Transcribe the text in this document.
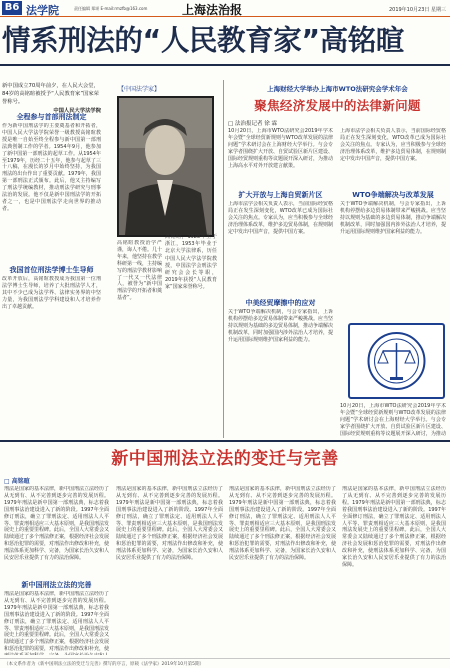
B6 法学院	责任编辑 郑颂 E-mail:rmzfb@163.com	上海法治报	2019年10月23日 星期三
情系刑法的“人民教育家”高铭暄

新中国成立70周年前夕，在人民大会堂，84岁的高铭暄被授予“人民教育家”国家荣誉称号。

中国人民大学法学院

全程参与首部刑法制定
作为新中国刑法学的主要奠基者和开拓者，中国人民大学法学院荣誉一级教授高铭暄教授是唯一自始至终全程参与新中国第一部刑法典创制工作的学者。1954年9月，他参加了新中国第一部刑法的起草工作。从1954年至1979年，历经二十五年，他参与起草了三十八稿，在漫长的岁月中始终坚持，为我国刑法的出台作出了重要贡献。1979年，我国第一部刑法正式颁布。此后，他又主持编写了刑法学统编教材，推动刑法学研究与刑事法治的发展。他不仅是新中国刑法学的开拓者之一，也是中国刑法学走向世界的推动者。
我国首位刑法学博士生导师
改革开放后，高铭暄教授成为我国第一位刑法学博士生导师，培养了大批刑法学人才，其中不少已成为法学界、法律实务界的中坚力量，为我国刑法学学科建设和人才培养作出了卓越贡献。
【中国法学家】
高铭暄教授治学严谨，诲人不倦。几十年来，他坚持在教学科研第一线，主持编写的刑法学教材影响了一代又一代法律人，被誉为“新中国刑法学的开拓者和奠基者”。
高铭暄，1928年生于浙江，1953年毕业于北京大学法律系，历任中国人民大学法学院教授，中国法学会刑法学研究会会长等职，2019年获授“人民教育家”国家荣誉称号。
上海财经大学举办上海市WTO法研究会学术年会
聚焦经济发展中的法律新问题
□ 法治报记者 徐 霖
10月20日，上海市WTO法研究会2019年学术年会暨“全球经贸新规则与WTO改革发展的法律问题”学术研讨会在上海财经大学举行。与会专家学者围绕扩大开放、自贸试验区新片区建设、国际经贸规则重构等议题展开深入研讨，为推动上海高水平对外开放建言献策。
扩大开放与上海自贸新片区
上海市法学会相关负责人表示，当前国际经贸格局正在发生深刻变化，WTO改革已成为国际社会关注的焦点。专家认为，应当积极参与全球经济治理体系改革，维护多边贸易体制，在规则制定中发出中国声音，提供中国方案。
中美经贸摩擦中的应对
关于WTO争端解决机制，与会专家指出，上诉机构停摆给多边贸易体制带来严峻挑战。应当坚持以规则为基础的多边贸易体制，推动争端解决机制改革，同时加强国内涉外法治人才培养，提升运用国际规则维护国家利益的能力。
上海市法学会相关负责人表示，当前国际经贸格局正在发生深刻变化，WTO改革已成为国际社会关注的焦点。专家认为，应当积极参与全球经济治理体系改革，维护多边贸易体制，在规则制定中发出中国声音，提供中国方案。
WTO争端解决与改革发展
关于WTO争端解决机制，与会专家指出，上诉机构停摆给多边贸易体制带来严峻挑战。应当坚持以规则为基础的多边贸易体制，推动争端解决机制改革，同时加强国内涉外法治人才培养，提升运用国际规则维护国家利益的能力。
10月20日，上海市WTO法研究会2019年学术年会暨“全球经贸新规则与WTO改革发展的法律问题”学术研讨会在上海财经大学举行。与会专家学者围绕扩大开放、自贸试验区新片区建设、国际经贸规则重构等议题展开深入研讨，为推动
新中国刑法立法的变迁与完善
□ 高铭暄
刑法是国家的基本法律，新中国刑法立法经历了从无到有、从不完善到逐步完善的发展历程。1979年刑法是新中国第一部刑法典，标志着我国刑事法治建设进入了新的阶段。1997年全面修订刑法，确立了罪刑法定、适用刑法人人平等、罪责刑相适应三大基本原则，是我国刑法发展史上的重要里程碑。此后，全国人大常委会又陆续通过了多个刑法修正案，根据经济社会发展和惩治犯罪的需要，对刑法作出修改和补充，使刑法体系更加科学、完备，为国家长治久安和人民安居乐业提供了有力的法治保障。
新中国刑法立法的完善
刑法是国家的基本法律，新中国刑法立法经历了从无到有、从不完善到逐步完善的发展历程。1979年刑法是新中国第一部刑法典，标志着我国刑事法治建设进入了新的阶段。1997年全面修订刑法，确立了罪刑法定、适用刑法人人平等、罪责刑相适应三大基本原则，是我国刑法发展史上的重要里程碑。此后，全国人大常委会又陆续通过了多个刑法修正案，根据经济社会发展和惩治犯罪的需要，对刑法作出修改和补充，使
刑法是国家的基本法律，新中国刑法立法经历了从无到有、从不完善到逐步完善的发展历程。1979年刑法是新中国第一部刑法典，标志着我国刑事法治建设进入了新的阶段。1997年全面修订刑法，确立了罪刑法定、适用刑法人人平等、罪责刑相适应三大基本原则，是我国刑法发展史上的重要里程碑。此后，全国人大常委会又陆续通过了多个刑法修正案，根据经济社会发展和惩治犯罪的需要，对刑法作出修改和补充，使刑法体系更加科学、完备，为国家长治久安和人民安居乐业提供了有力的法治保障。
刑法是国家的基本法律，新中国刑法立法经历了从无到有、从不完善到逐步完善的发展历程。1979年刑法是新中国第一部刑法典，标志着我国刑事法治建设进入了新的阶段。1997年全面修订刑法，确立了罪刑法定、适用刑法人人平等、罪责刑相适应三大基本原则，是我国刑法发展史上的重要里程碑。此后，全国人大常委会又陆续通过了多个刑法修正案，根据经济社会发展和惩治犯罪的需要，对刑法作出修改和补充，使刑法体系更加科学、完备，为国家长治久安和人民安居乐业提供了有力的法治保障。
刑法是国家的基本法律，新中国刑法立法经历了从无到有、从不完善到逐步完善的发展历程。1979年刑法是新中国第一部刑法典，标志着我国刑事法治建设进入了新的阶段。1997年全面修订刑法，确立了罪刑法定、适用刑法人人平等、罪责刑相适应三大基本原则，是我国刑法发展史上的重要里程碑。此后，全国人大常委会又陆续通过了多个刑法修正案，根据经济社会发展和惩治犯罪的需要，对刑法作出修改和补充，使刑法体系更加科学、完备，为国家长治久安和人民安居乐业提供了有力的法治保障。
（本文系作者为《新中国刑法立法的变迁与完善》撰写的序言，原载《法学家》2019年10月第5期）
